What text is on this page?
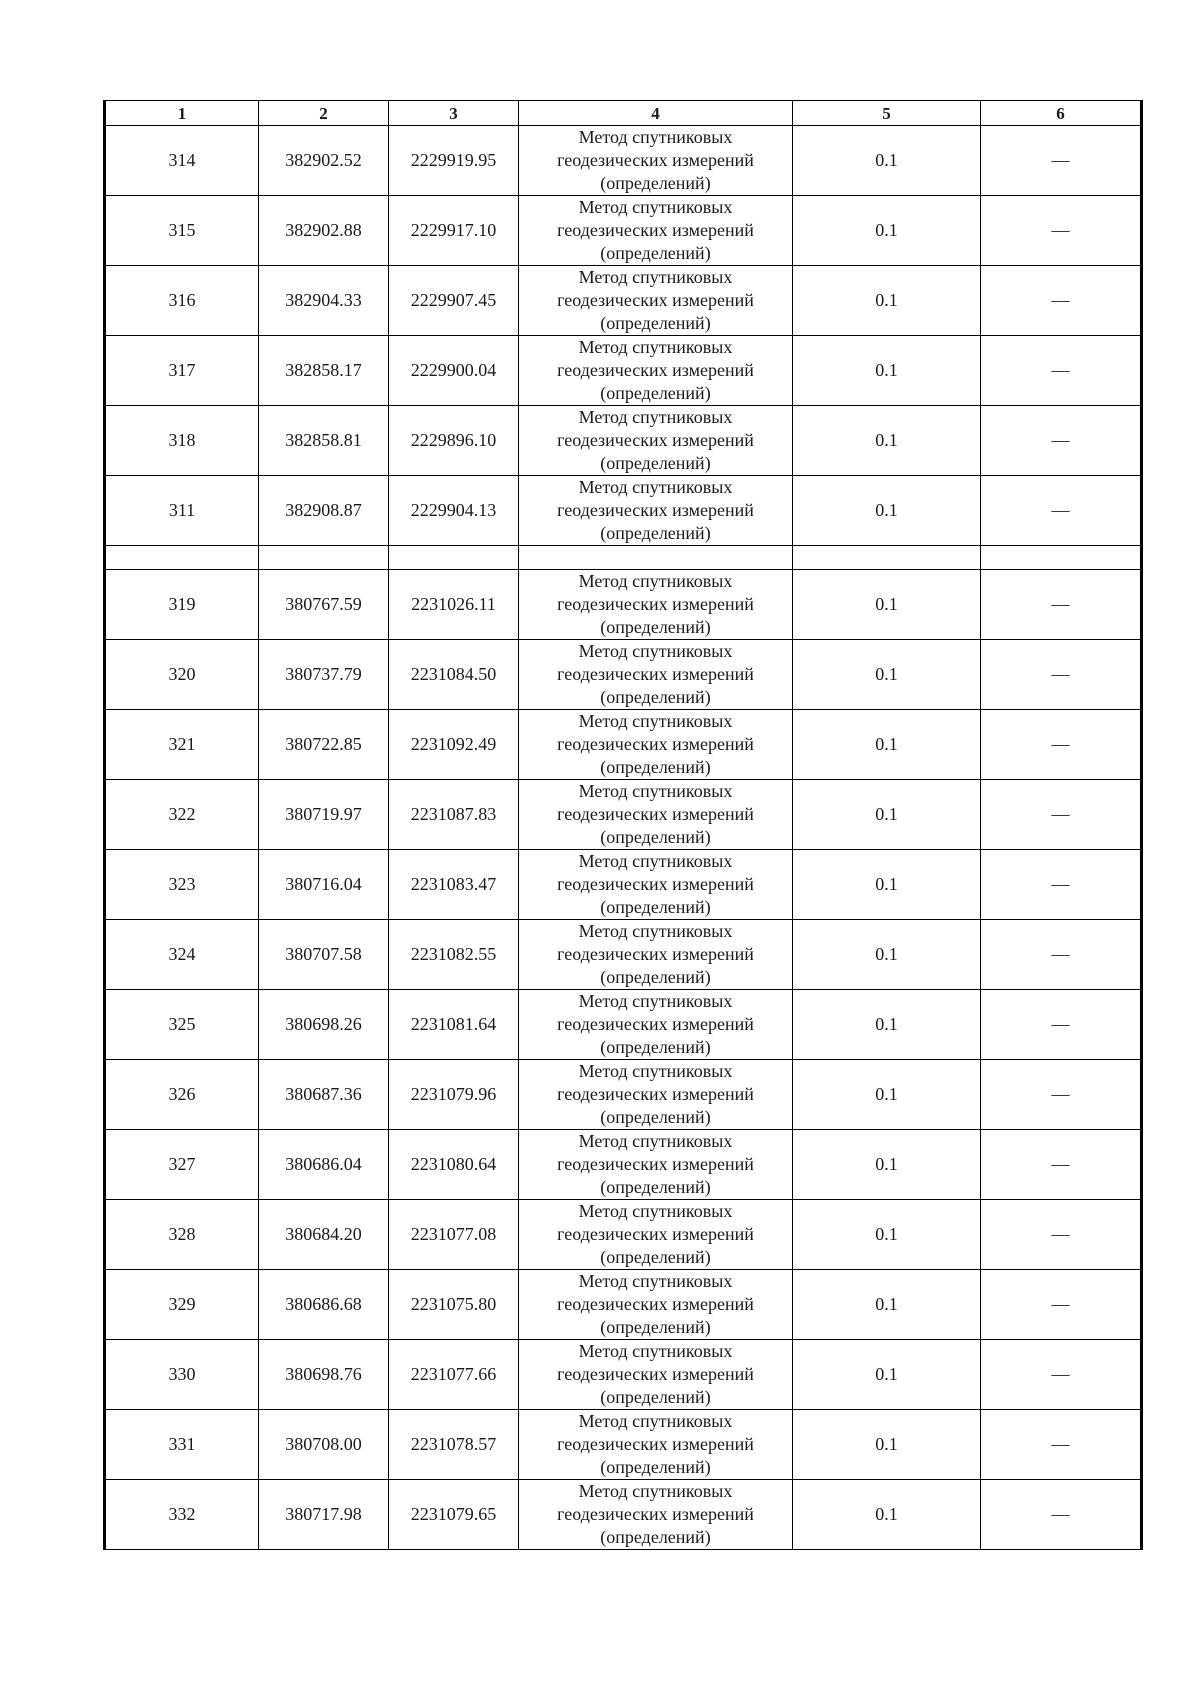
1	2	3	4	5	6
314	382902.52	2229919.95	Метод спутниковых
геодезических измерений
(определений)	0.1	—
315	382902.88	2229917.10	Метод спутниковых
геодезических измерений
(определений)	0.1	—
316	382904.33	2229907.45	Метод спутниковых
геодезических измерений
(определений)	0.1	—
317	382858.17	2229900.04	Метод спутниковых
геодезических измерений
(определений)	0.1	—
318	382858.81	2229896.10	Метод спутниковых
геодезических измерений
(определений)	0.1	—
311	382908.87	2229904.13	Метод спутниковых
геодезических измерений
(определений)	0.1	—

319	380767.59	2231026.11	Метод спутниковых
геодезических измерений
(определений)	0.1	—
320	380737.79	2231084.50	Метод спутниковых
геодезических измерений
(определений)	0.1	—
321	380722.85	2231092.49	Метод спутниковых
геодезических измерений
(определений)	0.1	—
322	380719.97	2231087.83	Метод спутниковых
геодезических измерений
(определений)	0.1	—
323	380716.04	2231083.47	Метод спутниковых
геодезических измерений
(определений)	0.1	—
324	380707.58	2231082.55	Метод спутниковых
геодезических измерений
(определений)	0.1	—
325	380698.26	2231081.64	Метод спутниковых
геодезических измерений
(определений)	0.1	—
326	380687.36	2231079.96	Метод спутниковых
геодезических измерений
(определений)	0.1	—
327	380686.04	2231080.64	Метод спутниковых
геодезических измерений
(определений)	0.1	—
328	380684.20	2231077.08	Метод спутниковых
геодезических измерений
(определений)	0.1	—
329	380686.68	2231075.80	Метод спутниковых
геодезических измерений
(определений)	0.1	—
330	380698.76	2231077.66	Метод спутниковых
геодезических измерений
(определений)	0.1	—
331	380708.00	2231078.57	Метод спутниковых
геодезических измерений
(определений)	0.1	—
332	380717.98	2231079.65	Метод спутниковых
геодезических измерений
(определений)	0.1	—
